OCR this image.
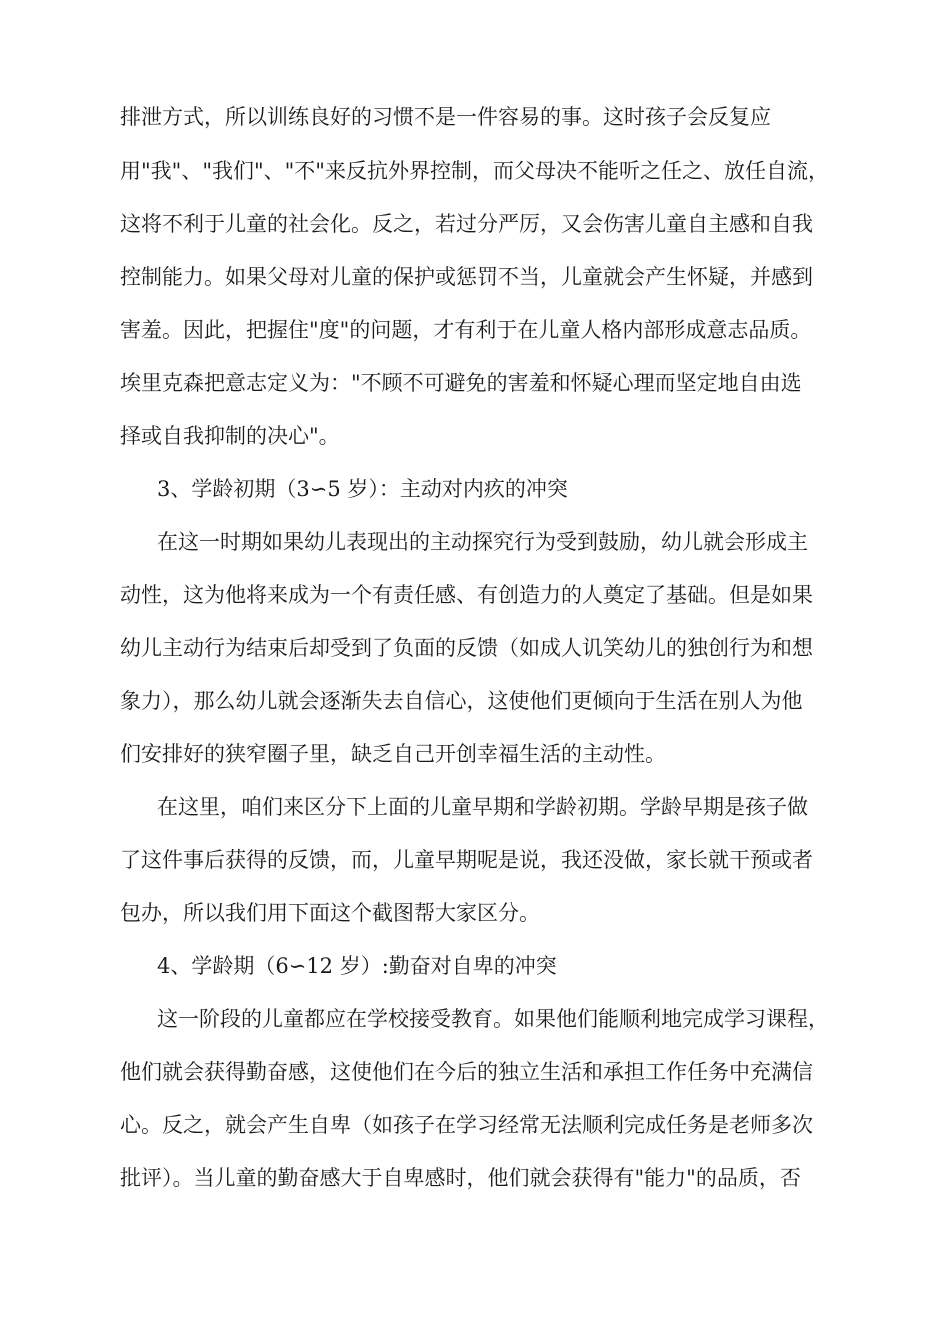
排泄方式，所以训练良好的习惯不是一件容易的事。这时孩子会反复应
用"我"、"我们"、"不"来反抗外界控制，而父母决不能听之任之、放任自流，
这将不利于儿童的社会化。反之，若过分严厉，又会伤害儿童自主感和自我
控制能力。如果父母对儿童的保护或惩罚不当，儿童就会产生怀疑，并感到
害羞。因此，把握住"度"的问题，才有利于在儿童人格内部形成意志品质。
埃里克森把意志定义为："不顾不可避免的害羞和怀疑心理而坚定地自由选
择或自我抑制的决心"。
3、学龄初期（3∽5 岁）：主动对内疚的冲突
在这一时期如果幼儿表现出的主动探究行为受到鼓励，幼儿就会形成主
动性，这为他将来成为一个有责任感、有创造力的人奠定了基础。但是如果
幼儿主动行为结束后却受到了负面的反馈（如成人讥笑幼儿的独创行为和想
象力），那么幼儿就会逐渐失去自信心，这使他们更倾向于生活在别人为他
们安排好的狭窄圈子里，缺乏自己开创幸福生活的主动性。
在这里，咱们来区分下上面的儿童早期和学龄初期。学龄早期是孩子做
了这件事后获得的反馈，而，儿童早期呢是说，我还没做，家长就干预或者
包办，所以我们用下面这个截图帮大家区分。
4、学龄期（6∽12 岁）:勤奋对自卑的冲突
这一阶段的儿童都应在学校接受教育。如果他们能顺利地完成学习课程，
他们就会获得勤奋感，这使他们在今后的独立生活和承担工作任务中充满信
心。反之，就会产生自卑（如孩子在学习经常无法顺利完成任务是老师多次
批评）。当儿童的勤奋感大于自卑感时，他们就会获得有"能力"的品质，否
